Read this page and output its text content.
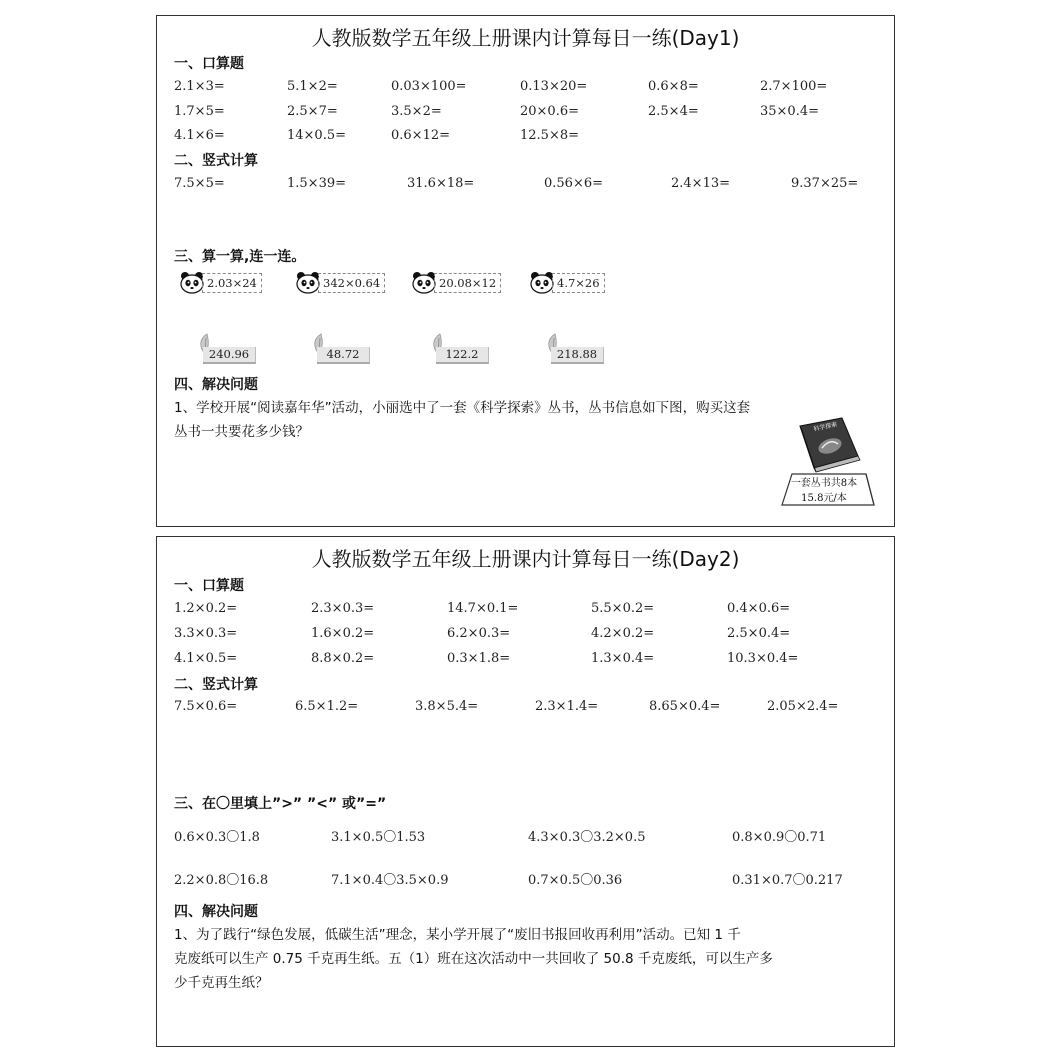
人教版数学五年级上册课内计算每日一练(Day1)
一、口算题
2.1×3=	5.1×2=	0.03×100=	0.13×20=	0.6×8=	2.7×100=
1.7×5=	2.5×7=	3.5×2=	20×0.6=	2.5×4=	35×0.4=
4.1×6=	14×0.5=	0.6×12=	12.5×8=
二、竖式计算
7.5×5=	1.5×39=	31.6×18=	0.56×6=	2.4×13=	9.37×25=
三、算一算,连一连。
2.03×24	342×0.64	20.08×12	4.7×26
240.96	48.72	122.2	218.88
四、解决问题
1、学校开展“阅读嘉年华”活动，小丽选中了一套《科学探索》丛书，丛书信息如下图，购买这套
丛书一共要花多少钱？	科学探索
一套丛书共8本
15.8元/本
人教版数学五年级上册课内计算每日一练(Day2)
一、口算题
1.2×0.2=	2.3×0.3=	14.7×0.1=	5.5×0.2=	0.4×0.6=
3.3×0.3=	1.6×0.2=	6.2×0.3=	4.2×0.2=	2.5×0.4=
4.1×0.5=	8.8×0.2=	0.3×1.8=	1.3×0.4=	10.3×0.4=
二、竖式计算
7.5×0.6=	6.5×1.2=	3.8×5.4=	2.3×1.4=	8.65×0.4=	2.05×2.4=
三、在〇里填上”>” ”<” 或”=”
0.6×0.3〇1.8	3.1×0.5〇1.53	4.3×0.3〇3.2×0.5	0.8×0.9〇0.71
2.2×0.8〇16.8	7.1×0.4〇3.5×0.9	0.7×0.5〇0.36	0.31×0.7〇0.217
四、解决问题
1、为了践行“绿色发展，低碳生活”理念，某小学开展了“废旧书报回收再利用”活动。已知 1 千
克废纸可以生产 0.75 千克再生纸。五（1）班在这次活动中一共回收了 50.8 千克废纸，可以生产多
少千克再生纸？
